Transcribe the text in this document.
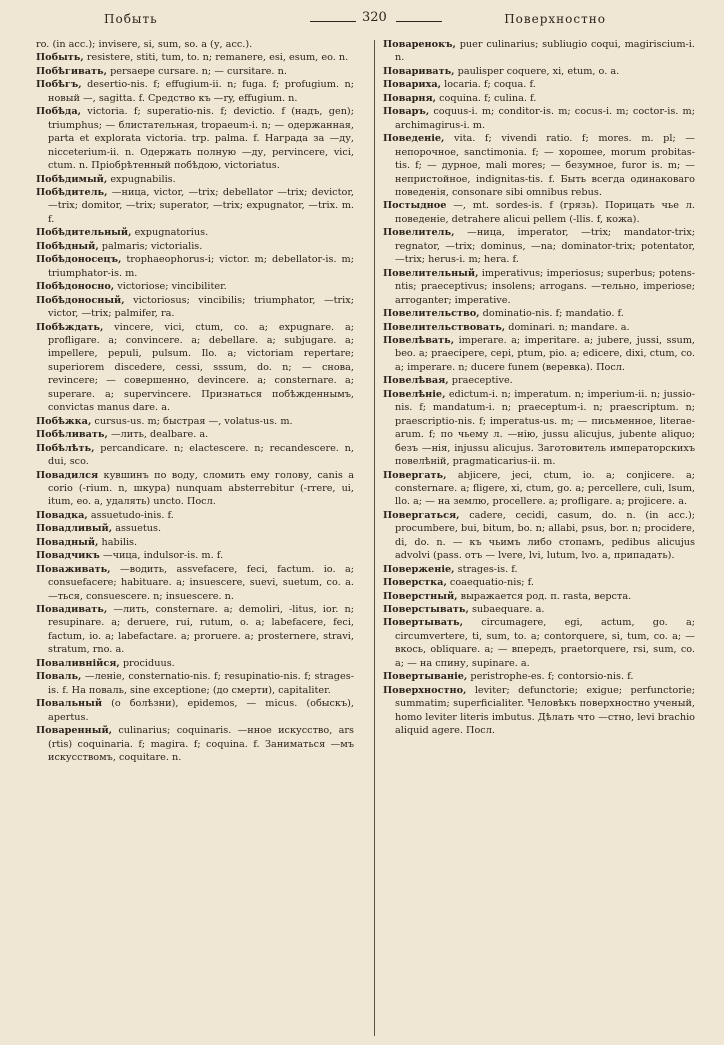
Побыть	320	Поверхностно

ro. (in acc.); invisere, si, sum, so. a (у, acc.).

Побыть, resistere, stiti, tum, to. n; remanere, esi, esum, eo. n.

Побѣгивать, persaepe cursare. n; — cursitare. n.

Побѣгъ, desertio-nis. f; effugium-ii. n; fuga. f; profugium. n; новый —, sagitta. f. Средство къ —ry, effugium. n.

Побѣда, victoria. f; superatio-nis. f; devictio. f (надъ, gen); triumphus; — блистательная, tropaeum-i. n; — одержанная, parta et explorata victoria. trp. palma. f. Награда за —ду, nicceterium-ii. n. Одержать полную —ду, pervincere, vici, ctum. n. Пріобрѣтенный побѣдою, victoriatus.

Побѣдимый, expugnabilis.

Побѣдитель, —ница, victor, —trix; debellator —trix; devictor, —trix; domitor, —trix; superator, —trix; expugnator, —trix. m. f.

Побѣдительный, expugnatorius.

Побѣдный, palmaris; victorialis.

Побѣдоносецъ, trophaeophorus-i; victor. m; debellator-is. m; triumphator-is. m.

Побѣдоносно, victoriose; vincibiliter.

Побѣдоносный, victoriosus; vincibilis; triumphator, —trix; victor, —trix; palmifer, ra.

Побѣждать, vincere, vici, ctum, co. a; expugnare. a; profligare. a; convincere. a; debellare. a; subjugare. a; impellere, pepuli, pulsum. Ilo. a; victoriam repertare; superiorem discedere, cessi, sssum, do. n; — снова, revincere; — совершенно, devincere. a; consternare. a; superare. a; supervincere. Признаться побѣжденнымъ, convictas manus dare. a.

Побѣжка, cursus-us. m; быстрая —, volatus-us. m.

Побѣливать, —лить, dealbare. a.

Побѣлѣть, percandicare. n; elactescere. n; recandescere. n, dui, sco.

Повадился кувшинъ по воду, сломить ему голову, canis a corio (-rium. n, шкура) nunquam absterrebitur (-rrere, ui, itum, eo. a, удалять) uncto. Посл.

Повадка, assuetudo-inis. f.

Повадливый, assuetus.

Повадный, habilis.

Повадчикъ —чица, indulsor-is. m. f.

Поваживать, —водить, assvefacere, feci, factum. io. a; consuefacere; habituare. a; insuescere, suevi, suetum, co. a. —ться, consuescere. n; insuescere. n.

Повадивать, —лить, consternare. a; demoliri, -litus, ior. n; resupinare. a; deruere, rui, rutum, o. a; labefacere, feci, factum, io. a; labefactare. a; proruere. a; prosternere, stravi, stratum, rno. a.

Поваливнійся, prociduus.

Поваль, —леніе, consternatio-nis. f; resupinatio-nis. f; strages-is. f. На поваль, sine exceptione; (до смерти), capitaliter.

Повальный (о болѣзни), epidemos, — micus. (обыскъ), apertus.

Поваренный, culinarius; coquinaris. —нное искусство, ars (rtis) coquinaria. f; magira. f; coquina. f. Заниматься —мъ искусствомъ, coquitare. n.

Поваренокъ, puer culinarius; subliugio coqui, magiriscium-i. n.

Поваривать, paulisper coquere, xi, etum, o. a.

Повариха, locaria. f; coqua. f.

Поварня, coquina. f; culina. f.

Поваръ, coquus-i. m; conditor-is. m; cocus-i. m; coctor-is. m; archimagirus-i. m.

Поведеніе, vita. f; vivendi ratio. f; mores. m. pl; — непорочное, sanctimonia. f; — хорошее, morum probitas-tis. f; — дурное, mali mores; — безумное, furor is. m; — непристойное, indignitas-tis. f. Быть всегда одинаковаго поведенія, consonare sibi omnibus rebus.

Постыдное —, mt. sordes-is. f (грязь). Порицать чье л. поведеніе, detrahere alicui pellem (-llis. f, кожа).

Повелитель, —ница, imperator, —trix; mandator-trix; regnator, —trix; dominus, —na; dominator-trix; potentator, —trix; herus-i. m; hera. f.

Повелительный, imperativus; imperiosus; superbus; potens-ntis; praeceptivus; insolens; arrogans. —тельно, imperiose; arroganter; imperative.

Повелительство, dominatio-nis. f; mandatio. f.

Повелительствовать, dominari. n; mandare. a.

Повелѣвать, imperare. a; imperitare. a; jubere, jussi, ssum, beo. a; praecipere, cepi, ptum, pio. a; edicere, dixi, ctum, co. a; imperare. n; ducere funem (веревка). Посл.

Повелѣвая, praeceptive.

Повелѣніе, edictum-i. n; imperatum. n; imperium-ii. n; jussio-nis. f; mandatum-i. n; praeceptum-i. n; praescriptum. n; praescriptio-nis. f; imperatus-us. m; — письменное, literae-arum. f; по чьему л. —нію, jussu alicujus, jubente aliquo; безъ —нія, injussu alicujus. Заготовитель императорскихъ повелѣній, pragmaticarius-ii. m.

Повергать, abjicere, jeci, ctum, io. a; conjicere. a; consternare. a; fligere, xi, ctum, go. a; percellere, culi, lsum, llo. a; — на землю, procellere. a; profligare. a; projicere. a.

Повергаться, cadere, cecidi, casum, do. n. (in acc.); procumbere, bui, bitum, bo. n; allabi, psus, bor. n; procidere, di, do. n. — къ чьимъ либо стопамъ, pedibus alicujus advolvi (pass. отъ — lvere, lvi, lutum, lvo. a, припадать).

Поверженіе, strages-is. f.

Поверстка, coaequatio-nis; f.

Поверстный, выражается род. п. rasta, верста.

Поверстывать, subaequare. a.

Повертывать, circumagere, egi, actum, go. a; circumvertere, ti, sum, to. a; contorquere, si, tum, co. a; — вкось, obliquare. a; — впередъ, praetorquere, rsi, sum, co. a; — на спину, supinare. a.

Повертываніе, peristrophe-es. f; contorsio-nis. f.

Поверхностно, leviter; defunctorie; exigue; perfunctorie; summatim; superficialiter. Человѣкъ поверхностно ученый, homo leviter literis imbutus. Дѣлать что —стно, levi brachio aliquid agere. Посл.
